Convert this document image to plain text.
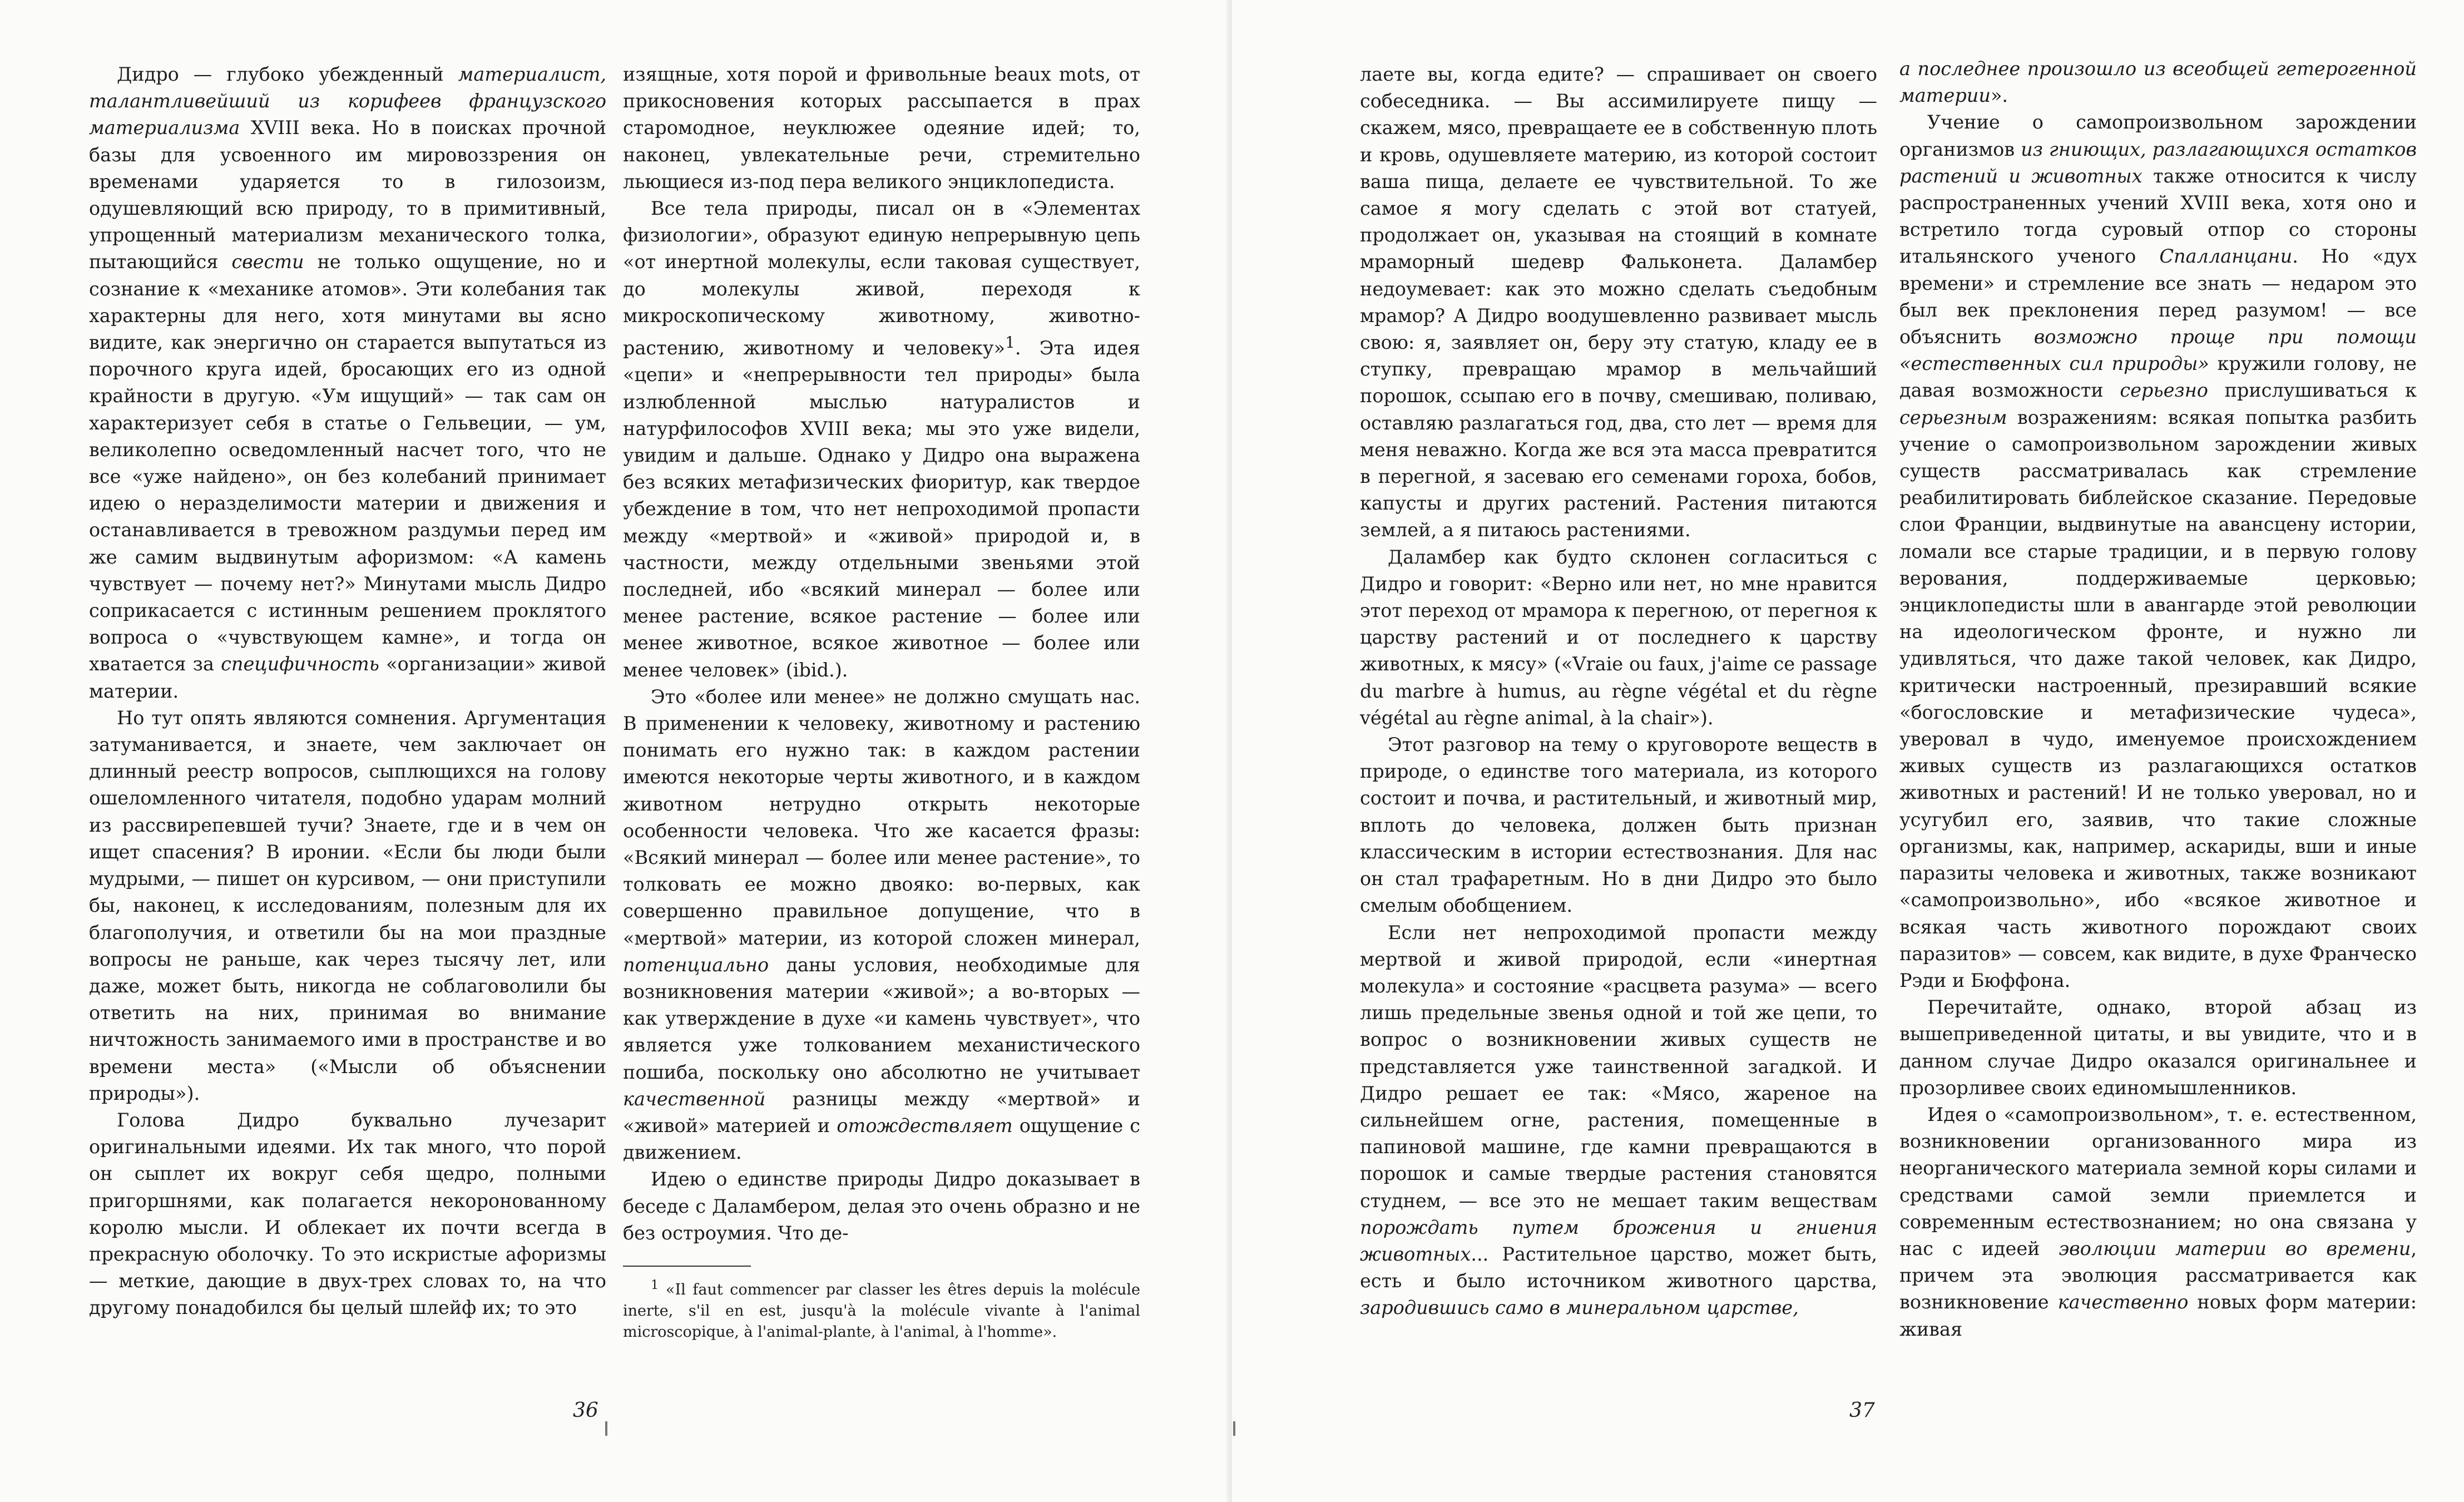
Дидро — глубоко убежденный материалист, талантливейший из корифеев французского материализма XVIII века. Но в поисках прочной базы для усвоенного им мировоззрения он временами ударяется то в гилозоизм, одушевляющий всю природу, то в примитивный, упрощенный материализм механического толка, пытающийся свести не только ощущение, но и сознание к «механике атомов». Эти колебания так характерны для него, хотя минутами вы ясно видите, как энергично он старается выпутаться из порочного круга идей, бросающих его из одной крайности в другую. «Ум ищущий» — так сам он характеризует себя в статье о Гельвеции, — ум, великолепно осведомленный насчет того, что не все «уже найдено», он без колебаний принимает идею о неразделимости материи и движения и останавливается в тревожном раздумьи перед им же самим выдвинутым афоризмом: «А камень чувствует — почему нет?» Минутами мысль Дидро соприкасается с истинным решением проклятого вопроса о «чувствующем камне», и тогда он хватается за специфичность «организации» живой материи.

Но тут опять являются сомнения. Аргументация затуманивается, и знаете, чем заключает он длинный реестр вопросов, сыплющихся на голову ошеломленного читателя, подобно ударам молний из рассвирепевшей тучи? Знаете, где и в чем он ищет спасения? В иронии. «Если бы люди были мудрыми, — пишет он курсивом, — они приступили бы, наконец, к исследованиям, полезным для их благополучия, и ответили бы на мои праздные вопросы не раньше, как через тысячу лет, или даже, может быть, никогда не соблаговолили бы ответить на них, принимая во внимание ничтожность занимаемого ими в пространстве и во времени места» («Мысли об объяснении природы»).

Голова Дидро буквально лучезарит оригинальными идеями. Их так много, что порой он сыплет их вокруг себя щедро, полными пригоршнями, как полагается некоронованному королю мысли. И облекает их почти всегда в прекрасную оболочку. То это искристые афоризмы — меткие, дающие в двух-трех словах то, на что другому понадобился бы целый шлейф их; то это

изящные, хотя порой и фривольные beaux mots, от прикосновения которых рассыпается в прах старомодное, неуклюжее одеяние идей; то, наконец, увлекательные речи, стремительно льющиеся из-под пера великого энциклопедиста.

Все тела природы, писал он в «Элементах физиологии», образуют единую непрерывную цепь «от инертной молекулы, если таковая существует, до молекулы живой, переходя к микроскопическому животному, животно-растению, животному и человеку»$^1$. Эта идея «цепи» и «непрерывности тел природы» была излюбленной мыслью натуралистов и натурфилософов XVIII века; мы это уже видели, увидим и дальше. Однако у Дидро она выражена без всяких метафизических фиоритур, как твердое убеждение в том, что нет непроходимой пропасти между «мертвой» и «живой» природой и, в частности, между отдельными звеньями этой последней, ибо «всякий минерал — более или менее растение, всякое растение — более или менее животное, всякое животное — более или менее человек» (ibid.).

Это «более или менее» не должно смущать нас. В применении к человеку, животному и растению понимать его нужно так: в каждом растении имеются некоторые черты животного, и в каждом животном нетрудно открыть некоторые особенности человека. Что же касается фразы: «Всякий минерал — более или менее растение», то толковать ее можно двояко: во-первых, как совершенно правильное допущение, что в «мертвой» материи, из которой сложен минерал, потенциально даны условия, необходимые для возникновения материи «живой»; а во-вторых — как утверждение в духе «и камень чувствует», что является уже толкованием механистического пошиба, поскольку оно абсолютно не учитывает качественной разницы между «мертвой» и «живой» материей и отождествляет ощущение с движением.

Идею о единстве природы Дидро доказывает в беседе с Даламбером, делая это очень образно и не без остроумия. Что де-

$^1$ «Il faut commencer par classer les êtres depuis la molécule inerte, s'il en est, jusqu'à la molécule vivante à l'animal microscopique, à l'animal-plante, à l'animal, à l'homme».
36

лаете вы, когда едите? — спрашивает он своего собеседника. — Вы ассимилируете пищу — скажем, мясо, превращаете ее в собственную плоть и кровь, одушевляете материю, из которой состоит ваша пища, делаете ее чувствительной. То же самое я могу сделать с этой вот статуей, продолжает он, указывая на стоящий в комнате мраморный шедевр Фальконета. Даламбер недоумевает: как это можно сделать съедобным мрамор? А Дидро воодушевленно развивает мысль свою: я, заявляет он, беру эту статую, кладу ее в ступку, превращаю мрамор в мельчайший порошок, ссыпаю его в почву, смешиваю, поливаю, оставляю разлагаться год, два, сто лет — время для меня неважно. Когда же вся эта масса превратится в перегной, я засеваю его семенами гороха, бобов, капусты и других растений. Растения питаются землей, а я питаюсь растениями.

Даламбер как будто склонен согласиться с Дидро и говорит: «Верно или нет, но мне нравится этот переход от мрамора к перегною, от перегноя к царству растений и от последнего к царству животных, к мясу» («Vraie ou faux, j'aime ce passage du marbre à humus, au règne végétal et du règne végétal au règne animal, à la chair»).

Этот разговор на тему о круговороте веществ в природе, о единстве того материала, из которого состоит и почва, и растительный, и животный мир, вплоть до человека, должен быть признан классическим в истории естествознания. Для нас он стал трафаретным. Но в дни Дидро это было смелым обобщением.

Если нет непроходимой пропасти между мертвой и живой природой, если «инертная молекула» и состояние «расцвета разума» — всего лишь предельные звенья одной и той же цепи, то вопрос о возникновении живых существ не представляется уже таинственной загадкой. И Дидро решает ее так: «Мясо, жареное на сильнейшем огне, растения, помещенные в папиновой машине, где камни превращаются в порошок и самые твердые растения становятся студнем, — все это не мешает таким веществам порождать путем брожения и гниения животных... Растительное царство, может быть, есть и было источником животного царства, зародившись само в минеральном царстве,

а последнее произошло из всеобщей гетерогенной материи».

Учение о самопроизвольном зарождении организмов из гниющих, разлагающихся остатков растений и животных также относится к числу распространенных учений XVIII века, хотя оно и встретило тогда суровый отпор со стороны итальянского ученого Спалланцани. Но «дух времени» и стремление все знать — недаром это был век преклонения перед разумом! — все объяснить возможно проще при помощи «естественных сил природы» кружили голову, не давая возможности серьезно прислушиваться к серьезным возражениям: всякая попытка разбить учение о самопроизвольном зарождении живых существ рассматривалась как стремление реабилитировать библейское сказание. Передовые слои Франции, выдвинутые на авансцену истории, ломали все старые традиции, и в первую голову верования, поддерживаемые церковью; энциклопедисты шли в авангарде этой революции на идеологическом фронте, и нужно ли удивляться, что даже такой человек, как Дидро, критически настроенный, презиравший всякие «богословские и метафизические чудеса», уверовал в чудо, именуемое происхождением живых существ из разлагающихся остатков животных и растений! И не только уверовал, но и усугубил его, заявив, что такие сложные организмы, как, например, аскариды, вши и иные паразиты человека и животных, также возникают «самопроизвольно», ибо «всякое животное и всякая часть животного порождают своих паразитов» — совсем, как видите, в духе Франческо Рэди и Бюффона.

Перечитайте, однако, второй абзац из вышеприведенной цитаты, и вы увидите, что и в данном случае Дидро оказался оригинальнее и прозорливее своих единомышленников.

Идея о «самопроизвольном», т. е. естественном, возникновении организованного мира из неорганического материала земной коры силами и средствами самой земли приемлется и современным естествознанием; но она связана у нас с идеей эволюции материи во времени, причем эта эволюция рассматривается как возникновение качественно новых форм материи: живая

37
